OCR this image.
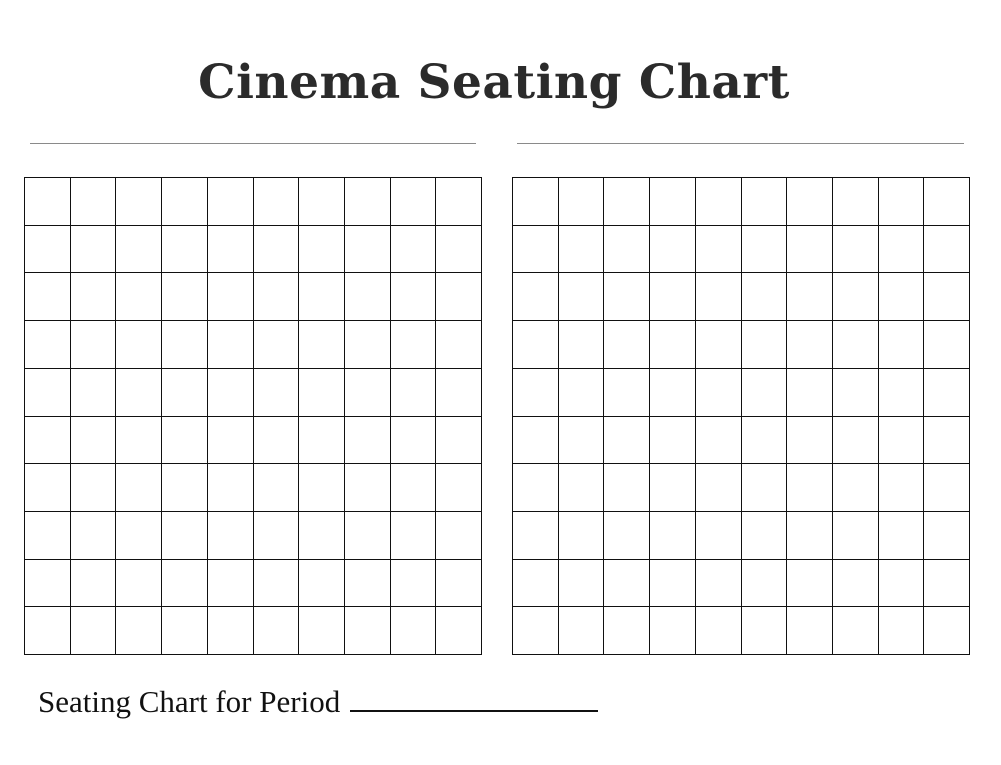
Cinema Seating Chart
Seating Chart for Period
